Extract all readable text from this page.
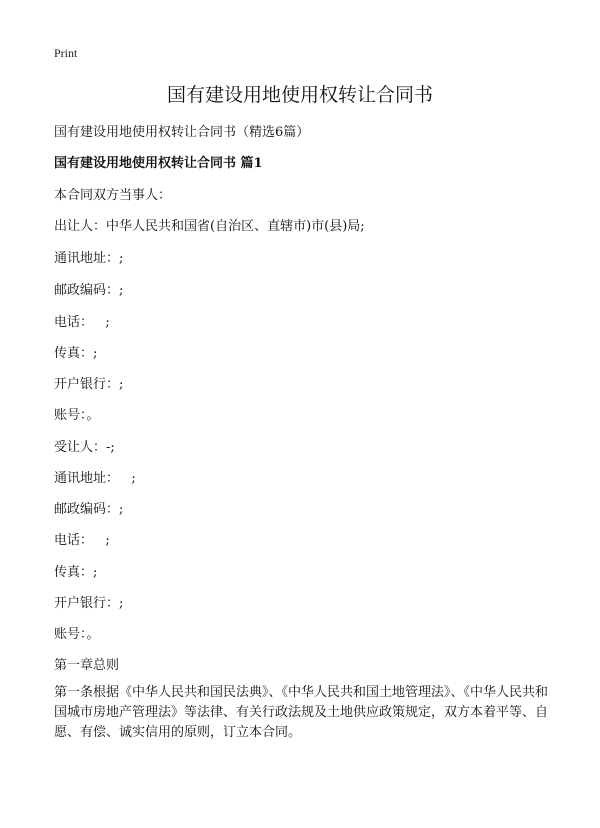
Print
国有建设用地使用权转让合同书
国有建设用地使用权转让合同书（精选6篇）
国有建设用地使用权转让合同书 篇1
本合同双方当事人：
出让人：中华人民共和国省(自治区、直辖市)市(县)局;
通讯地址：;
邮政编码：;
电话：   ;
传真：;
开户银行：;
账号：。
受让人：-;
通讯地址：   ;
邮政编码：;
电话：   ;
传真：;
开户银行：;
账号：。
第一章总则
第一条根据《中华人民共和国民法典》、《中华人民共和国土地管理法》、《中华人民共和国城市房地产管理法》等法律、有关行政法规及土地供应政策规定，双方本着平等、自愿、有偿、诚实信用的原则，订立本合同。
